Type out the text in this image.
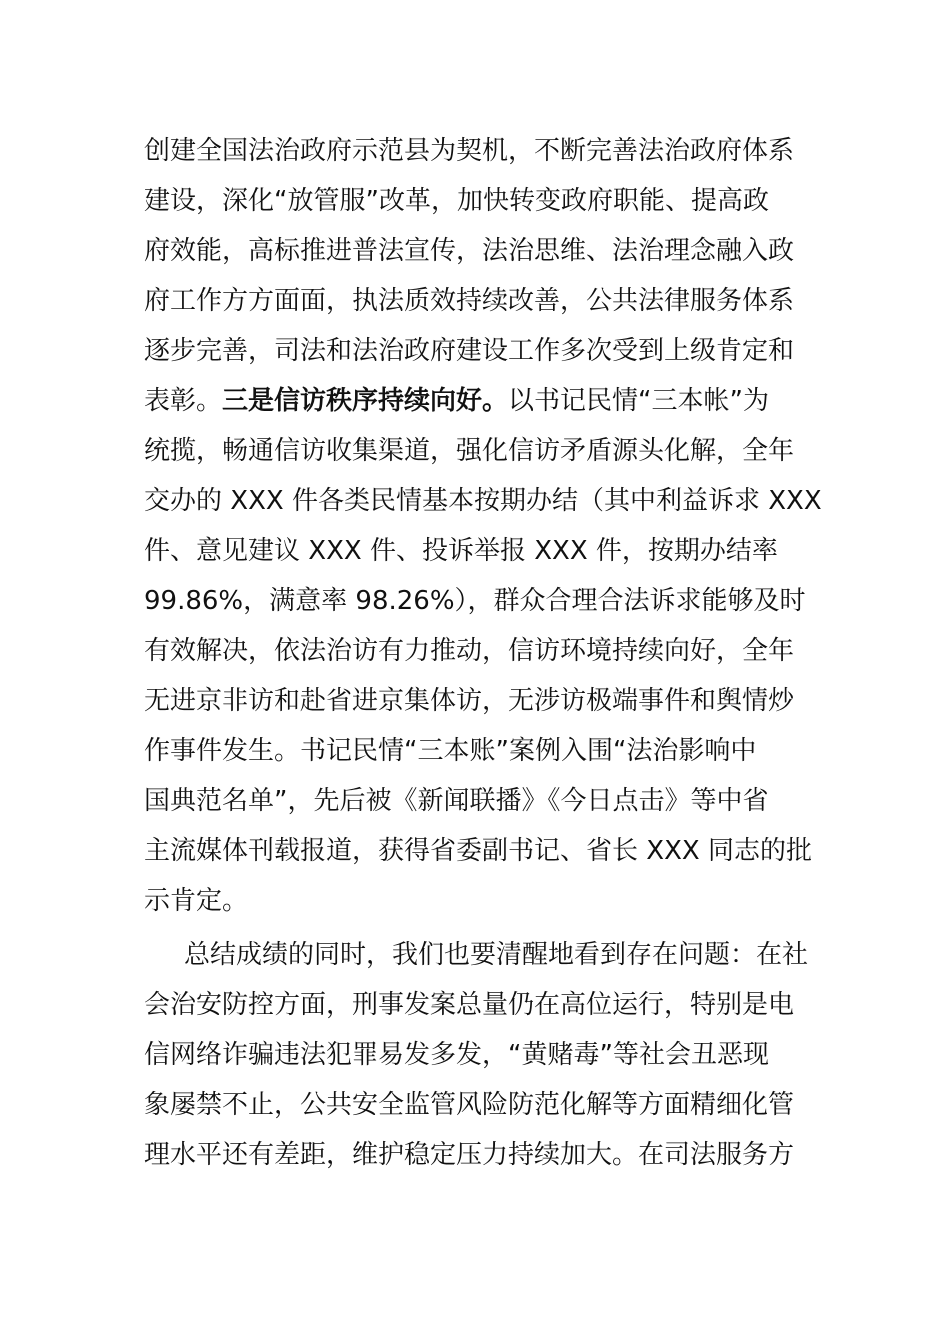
创建全国法治政府示范县为契机，不断完善法治政府体系
建设，深化“放管服”改革，加快转变政府职能、提高政
府效能，高标推进普法宣传，法治思维、法治理念融入政
府工作方方面面，执法质效持续改善，公共法律服务体系
逐步完善，司法和法治政府建设工作多次受到上级肯定和
表彰。三是信访秩序持续向好。以书记民情“三本帐”为
统揽，畅通信访收集渠道，强化信访矛盾源头化解，全年
交办的 XXX 件各类民情基本按期办结（其中利益诉求 XXX
件、意见建议 XXX 件、投诉举报 XXX 件，按期办结率
99.86%，满意率 98.26%），群众合理合法诉求能够及时
有效解决，依法治访有力推动，信访环境持续向好，全年
无进京非访和赴省进京集体访，无涉访极端事件和舆情炒
作事件发生。书记民情“三本账”案例入围“法治影响中
国典范名单”，先后被《新闻联播》《今日点击》等中省
主流媒体刊载报道，获得省委副书记、省长 XXX 同志的批
示肯定。
总结成绩的同时，我们也要清醒地看到存在问题：在社
会治安防控方面，刑事发案总量仍在高位运行，特别是电
信网络诈骗违法犯罪易发多发，“黄赌毒”等社会丑恶现
象屡禁不止，公共安全监管风险防范化解等方面精细化管
理水平还有差距，维护稳定压力持续加大。在司法服务方
